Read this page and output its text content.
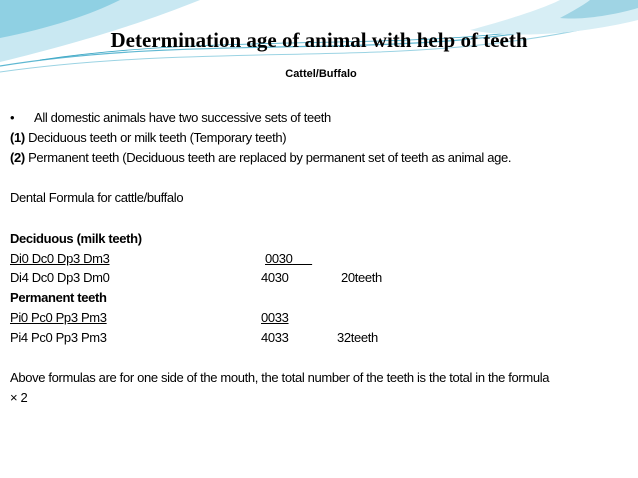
Determination age of animal with help of teeth
Cattel/Buffalo
• All domestic animals have two successive sets of teeth
(1) Deciduous teeth or milk teeth (Temporary teeth)
(2) Permanent teeth (Deciduous teeth are replaced by permanent set of teeth as animal age.
Dental Formula for cattle/buffalo
Deciduous (milk teeth)
Di0 Dc0 Dp3 Dm3	0030
Di4 Dc0 Dp3 Dm0	4030	20teeth
Permanent teeth
Pi0 Pc0 Pp3 Pm3	0033
Pi4 Pc0 Pp3 Pm3	4033	32teeth
Above formulas are for one side of the mouth, the total number of the teeth is the total in the formula
× 2
